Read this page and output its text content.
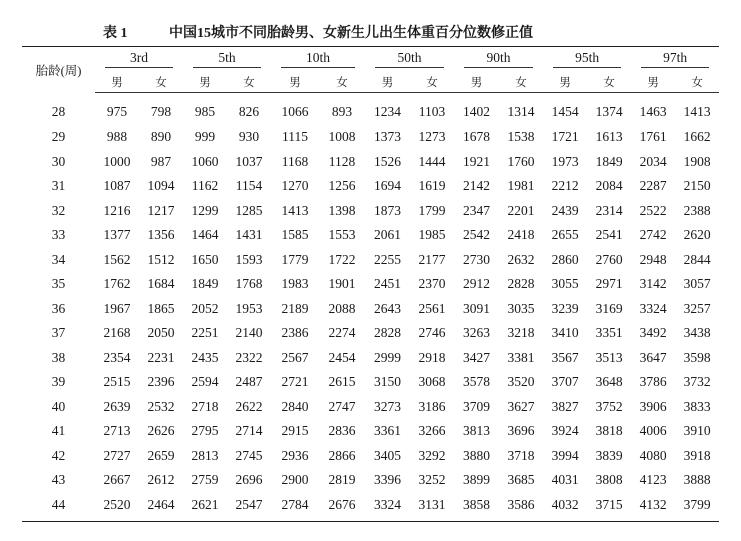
表 1	中国15城市不同胎龄男、女新生儿出生体重百分位数修正值
胎龄(周)	3rd		5th		10th		50th		90th		95th		97th	
	男	女	男	女	男	女	男	女	男	女	男	女	男	女
28	975	798	985	826	1066	893	1234	1103	1402	1314	1454	1374	1463	1413
29	988	890	999	930	1115	1008	1373	1273	1678	1538	1721	1613	1761	1662
30	1000	987	1060	1037	1168	1128	1526	1444	1921	1760	1973	1849	2034	1908
31	1087	1094	1162	1154	1270	1256	1694	1619	2142	1981	2212	2084	2287	2150
32	1216	1217	1299	1285	1413	1398	1873	1799	2347	2201	2439	2314	2522	2388
33	1377	1356	1464	1431	1585	1553	2061	1985	2542	2418	2655	2541	2742	2620
34	1562	1512	1650	1593	1779	1722	2255	2177	2730	2632	2860	2760	2948	2844
35	1762	1684	1849	1768	1983	1901	2451	2370	2912	2828	3055	2971	3142	3057
36	1967	1865	2052	1953	2189	2088	2643	2561	3091	3035	3239	3169	3324	3257
37	2168	2050	2251	2140	2386	2274	2828	2746	3263	3218	3410	3351	3492	3438
38	2354	2231	2435	2322	2567	2454	2999	2918	3427	3381	3567	3513	3647	3598
39	2515	2396	2594	2487	2721	2615	3150	3068	3578	3520	3707	3648	3786	3732
40	2639	2532	2718	2622	2840	2747	3273	3186	3709	3627	3827	3752	3906	3833
41	2713	2626	2795	2714	2915	2836	3361	3266	3813	3696	3924	3818	4006	3910
42	2727	2659	2813	2745	2936	2866	3405	3292	3880	3718	3994	3839	4080	3918
43	2667	2612	2759	2696	2900	2819	3396	3252	3899	3685	4031	3808	4123	3888
44	2520	2464	2621	2547	2784	2676	3324	3131	3858	3586	4032	3715	4132	3799
